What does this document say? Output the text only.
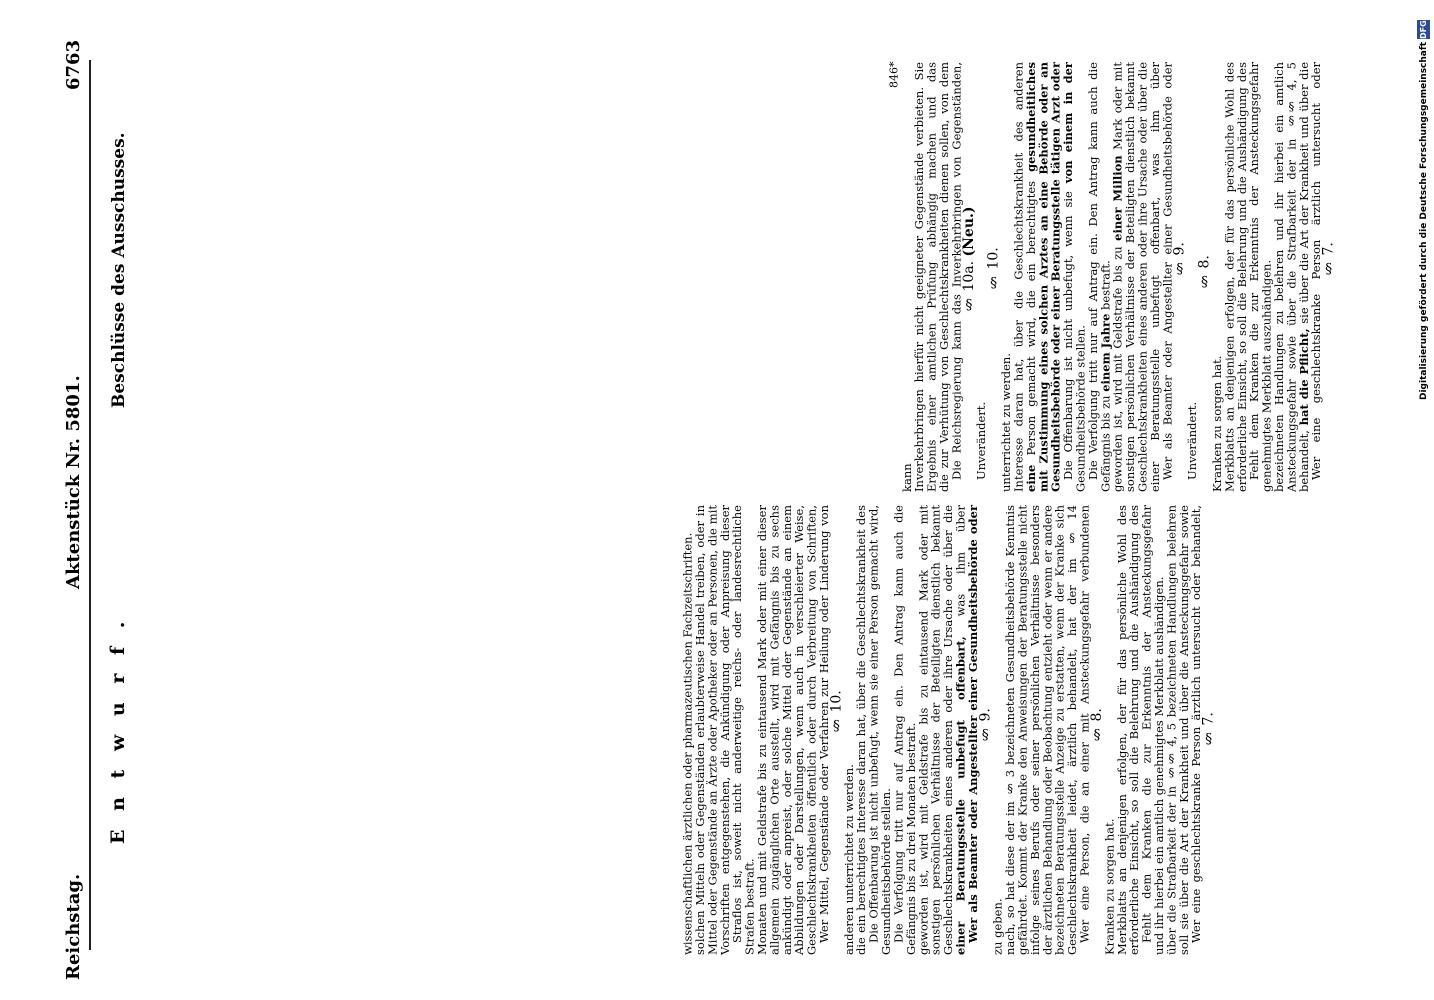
Reichstag.
Aktenstück Nr. 5801.
6763
E n t w u r f .
Beschlüsse des Ausschusses.
§ 7.
Wer eine geschlechtskranke Person ärztlich untersucht oder behandelt, soll sie über die Art der Krankheit und über die Ansteckungsgefahr sowie über die Strafbarkeit der in §§ 4, 5 bezeichneten Handlungen belehren und ihr hierbei ein amtlich genehmigtes Merkblatt aushändigen.
Fehlt dem Kranken die zur Erkenntnis der Ansteckungsgefahr erforderliche Einsicht, so soll die Belehrung und die Aushändigung des Merkblatts an denjenigen erfolgen, der für das persönliche Wohl des Kranken zu sorgen hat.
§ 8.
Wer eine Person, die an einer mit Ansteckungsgefahr verbundenen Geschlechtskrankheit leidet, ärztlich behandelt, hat der im § 14 bezeichneten Beratungsstelle Anzeige zu erstatten, wenn der Kranke sich der ärztlichen Behandlung oder Beobachtung entzieht oder wenn er andere infolge seines Berufs oder seiner persönlichen Verhältnisse besonders gefährdet. Kommt der Kranke den Anweisungen der Beratungsstelle nicht nach, so hat diese der im § 3 bezeichneten Gesundheitsbehörde Kenntnis zu geben.
§ 9.
Wer als Beamter oder Angestellter einer Gesundheitsbehörde oder einer Beratungsstelle unbefugt offenbart, was ihm über Geschlechtskrankheiten eines anderen oder ihre Ursache oder über die sonstigen persönlichen Verhältnisse der Beteiligten dienstlich bekannt geworden ist, wird mit Geldstrafe bis zu eintausend Mark oder mit Gefängnis bis zu drei Monaten bestraft.
Die Verfolgung tritt nur auf Antrag ein. Den Antrag kann auch die Gesundheitsbehörde stellen.
Die Offenbarung ist nicht unbefugt, wenn sie einer Person gemacht wird, die ein berechtigtes Interesse daran hat, über die Geschlechtskrankheit des anderen unterrichtet zu werden.
§ 10.
Wer Mittel, Gegenstände oder Verfahren zur Heilung oder Linderung von Geschlechtskrankheiten öffentlich oder durch Verbreitung von Schriften, Abbildungen oder Darstellungen, wenn auch in verschleierter Weise, ankündigt oder anpreist, oder solche Mittel oder Gegenstände an einem allgemein zugänglichen Orte ausstellt, wird mit Gefängnis bis zu sechs Monaten und mit Geldstrafe bis zu eintausend Mark oder mit einer dieser Strafen bestraft.
Straflos ist, soweit nicht anderweitige reichs- oder landesrechtliche Vorschriften entgegenstehen, die Ankündigung oder Anpreisung dieser Mittel oder Gegenstände an Ärzte oder Apotheker oder an Personen, die mit solchen Mitteln oder Gegenständen erlaubterweise Handel treiben, oder in wissenschaftlichen ärztlichen oder pharmazeutischen Fachzeitschriften.
§ 7.
Wer eine geschlechtskranke Person ärztlich untersucht oder behandelt, hat die Pflicht, sie über die Art der Krankheit und über die Ansteckungsgefahr sowie über die Strafbarkeit der in §§ 4, 5 bezeichneten Handlungen zu belehren und ihr hierbei ein amtlich genehmigtes Merkblatt auszuhändigen.
Fehlt dem Kranken die zur Erkenntnis der Ansteckungsgefahr erforderliche Einsicht, so soll die Belehrung und die Aushändigung des Merkblatts an denjenigen erfolgen, der für das persönliche Wohl des Kranken zu sorgen hat.
§ 8.
Unverändert.
§ 9.
Wer als Beamter oder Angestellter einer Gesundheitsbehörde oder einer Beratungsstelle unbefugt offenbart, was ihm über Geschlechtskrankheiten eines anderen oder ihre Ursache oder über die sonstigen persönlichen Verhältnisse der Beteiligten dienstlich bekannt geworden ist, wird mit Geldstrafe bis zu einer Million Mark oder mit Gefängnis bis zu einem Jahre bestraft.
Die Verfolgung tritt nur auf Antrag ein. Den Antrag kann auch die Gesundheitsbehörde stellen.
Die Offenbarung ist nicht unbefugt, wenn sie von einem in der Gesundheitsbehörde oder einer Beratungsstelle tätigen Arzt oder mit Zustimmung eines solchen Arztes an eine Behörde oder an eine Person gemacht wird, die ein berechtigtes gesundheitliches Interesse daran hat, über die Geschlechtskrankheit des anderen unterrichtet zu werden.
§ 10.
Unverändert.
§ 10a. (Neu.)
Die Reichsregierung kann das Inverkehrbringen von Gegenständen, die zur Verhütung von Geschlechtskrankheiten dienen sollen, von dem Ergebnis einer amtlichen Prüfung abhängig machen und das Inverkehrbringen hierfür nicht geeigneter Gegenstände verbieten. Sie kann
846*	Digitalisierung gefördert durch die Deutsche Forschungsgemeinschaft DFG
